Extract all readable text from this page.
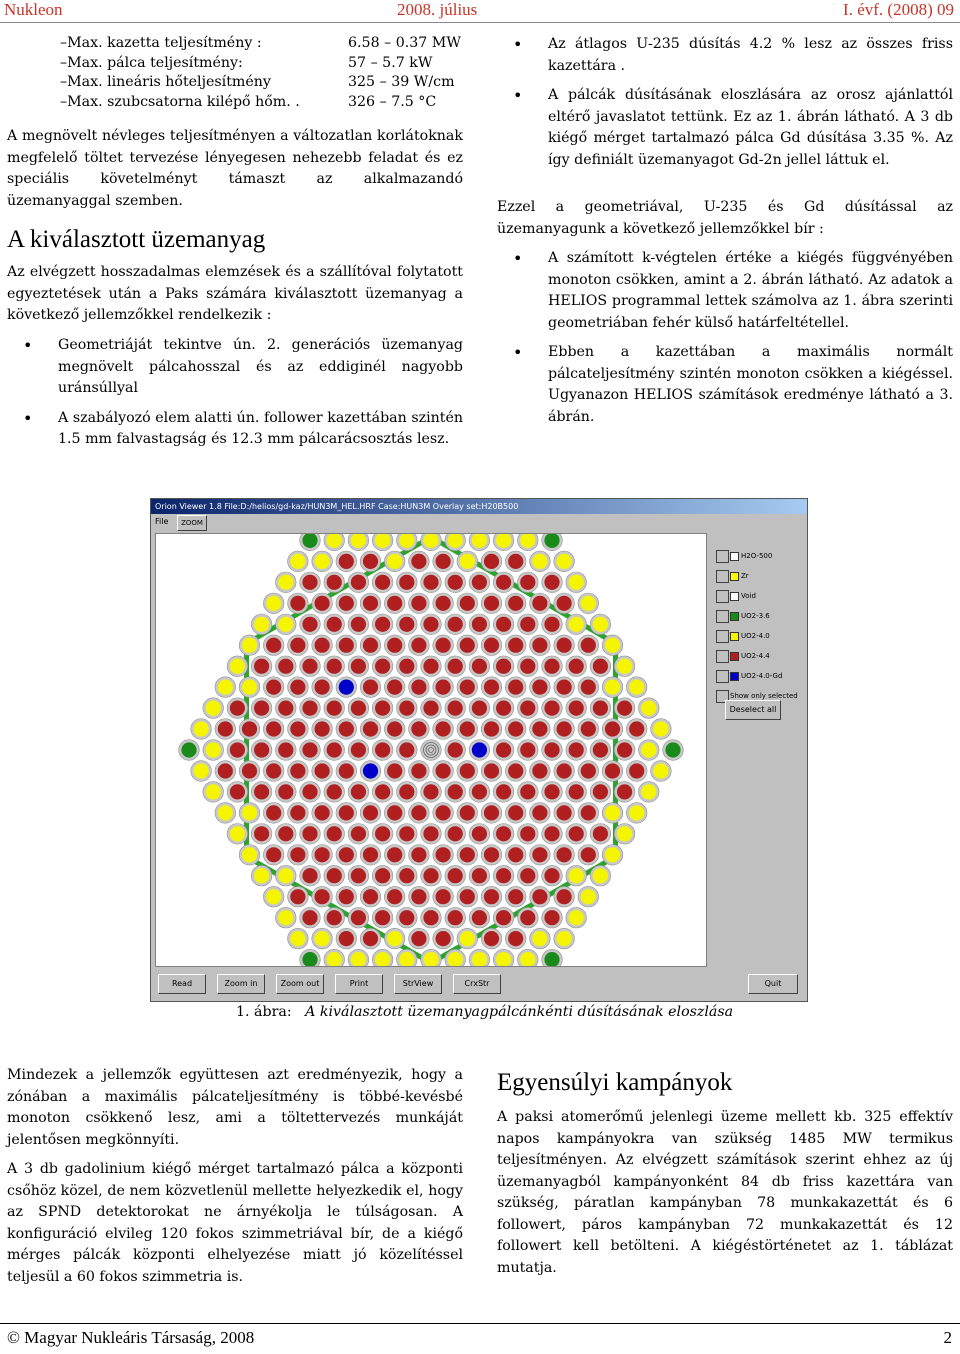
Nukleon	2008. július	I. évf. (2008) 09
–Max. kazetta teljesítmény :	6.58 – 0.37 MW
–Max. pálca teljesítmény:	57 – 5.7 kW
–Max. lineáris hőteljesítmény	325 – 39 W/cm
–Max. szubcsatorna kilépő hőm. .	326 – 7.5 °C
A megnövelt névleges teljesítményen a változatlan korlátoknak megfelelő töltet tervezése lényegesen nehezebb feladat és ez speciális követelményt támaszt az alkalmazandó üzemanyaggal szemben.
A kiválasztott üzemanyag
Az elvégzett hosszadalmas elemzések és a szállítóval folytatott egyeztetések után a Paks számára kiválasztott üzemanyag a következő jellemzőkkel rendelkezik :
• Geometriáját tekintve ún. 2. generációs üzemanyag megnövelt pálcahosszal és az eddiginél nagyobb uránsúllyal
• A szabályozó elem alatti ún. follower kazettában szintén 1.5 mm falvastagság és 12.3 mm pálcarácsosztás lesz.
• Az átlagos U-235 dúsítás 4.2 % lesz az összes friss kazettára .
• A pálcák dúsításának eloszlására az orosz ajánlattól eltérő javaslatot tettünk. Ez az 1. ábrán látható. A 3 db kiégő mérget tartalmazó pálca Gd dúsítása 3.35 %. Az így definiált üzemanyagot Gd-2n jellel láttuk el.
Ezzel a geometriával, U-235 és Gd dúsítással az üzemanyagunk a következő jellemzőkkel bír :
• A számított k-végtelen értéke a kiégés függvényében monoton csökken, amint a 2. ábrán látható. Az adatok a HELIOS programmal lettek számolva az 1. ábra szerinti geometriában fehér külső határfeltétellel.
• Ebben a kazettában a maximális normált pálcateljesítmény szintén monoton csökken a kiégéssel. Ugyanazon HELIOS számítások eredménye látható a 3. ábrán.
Orion Viewer 1.8 File:D:/helios/gd-kaz/HUN3M_HEL.HRF Case:HUN3M Overlay set:H20B500
File	ZOOM
H2O-500
Zr
Void
UO2-3.6
UO2-4.0
UO2-4.4
UO2-4.0-Gd
Show only selected
Deselect all
Read	Zoom in	Zoom out	Print	StrView	CrxStr	Quit
1. ábra: A kiválasztott üzemanyagpálcánkénti dúsításának eloszlása

Mindezek a jellemzők együttesen azt eredményezik, hogy a zónában a maximális pálcateljesítmény is többé-kevésbé monoton csökkenő lesz, ami a töltettervezés munkáját jelentősen megkönnyíti.

A 3 db gadolinium kiégő mérget tartalmazó pálca a központi csőhöz közel, de nem közvetlenül mellette helyezkedik el, hogy az SPND detektorokat ne árnyékolja le túlságosan. A konfiguráció elvileg 120 fokos szimmetriával bír, de a kiégő mérges pálcák központi elhelyezése miatt jó közelítéssel teljesül a 60 fokos szimmetria is.

Egyensúlyi kampányok
A paksi atomerőmű jelenlegi üzeme mellett kb. 325 effektív napos kampányokra van szükség 1485 MW termikus teljesítményen. Az elvégzett számítások szerint ehhez az új üzemanyagból kampányonként 84 db friss kazettára van szükség, páratlan kampányban 78 munkakazettát és 6 followert, páros kampányban 72 munkakazettát és 12 followert kell betölteni. A kiégéstörténetet az 1. táblázat mutatja.
© Magyar Nukleáris Társaság, 2008	2
